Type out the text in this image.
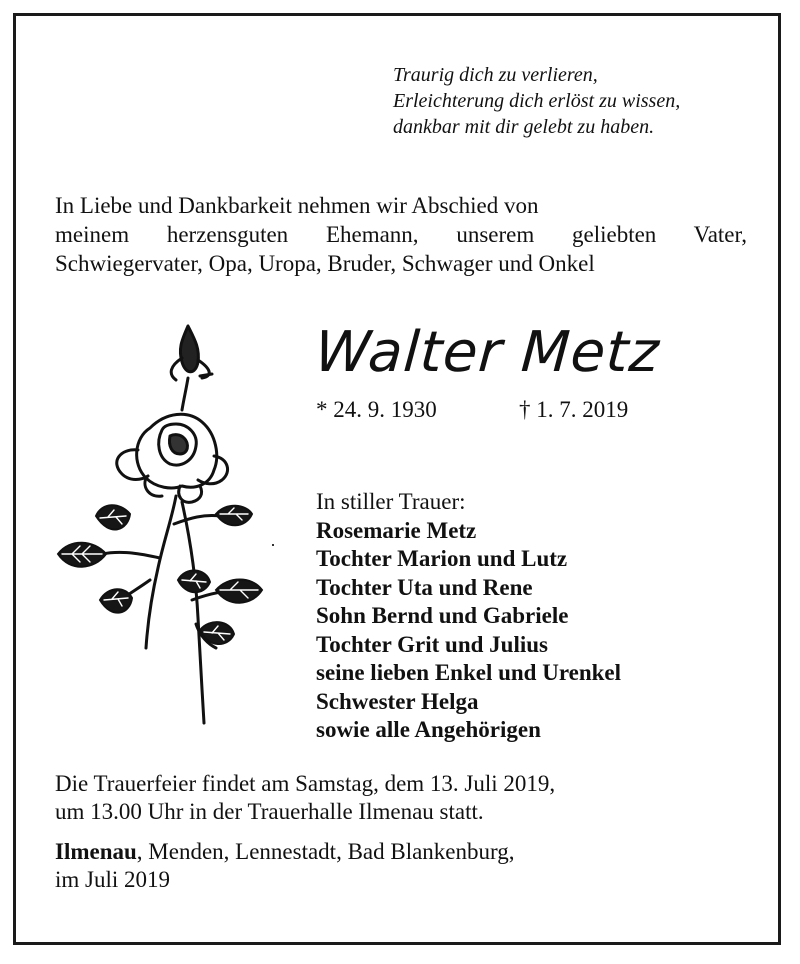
Traurig dich zu verlieren,
Erleichterung dich erlöst zu wissen,
dankbar mit dir gelebt zu haben.
In Liebe und Dankbarkeit nehmen wir Abschied von
meinem herzensguten Ehemann, unserem geliebten Vater,
Schwiegervater, Opa, Uropa, Bruder, Schwager und Onkel
Walter Metz
* 24. 9. 1930	† 1. 7. 2019
In stiller Trauer:
Rosemarie Metz
Tochter Marion und Lutz
Tochter Uta und Rene
Sohn Bernd und Gabriele
Tochter Grit und Julius
seine lieben Enkel und Urenkel
Schwester Helga
sowie alle Angehörigen
Die Trauerfeier findet am Samstag, dem 13. Juli 2019,
um 13.00 Uhr in der Trauerhalle Ilmenau statt.
Ilmenau, Menden, Lennestadt, Bad Blankenburg,
im Juli 2019
